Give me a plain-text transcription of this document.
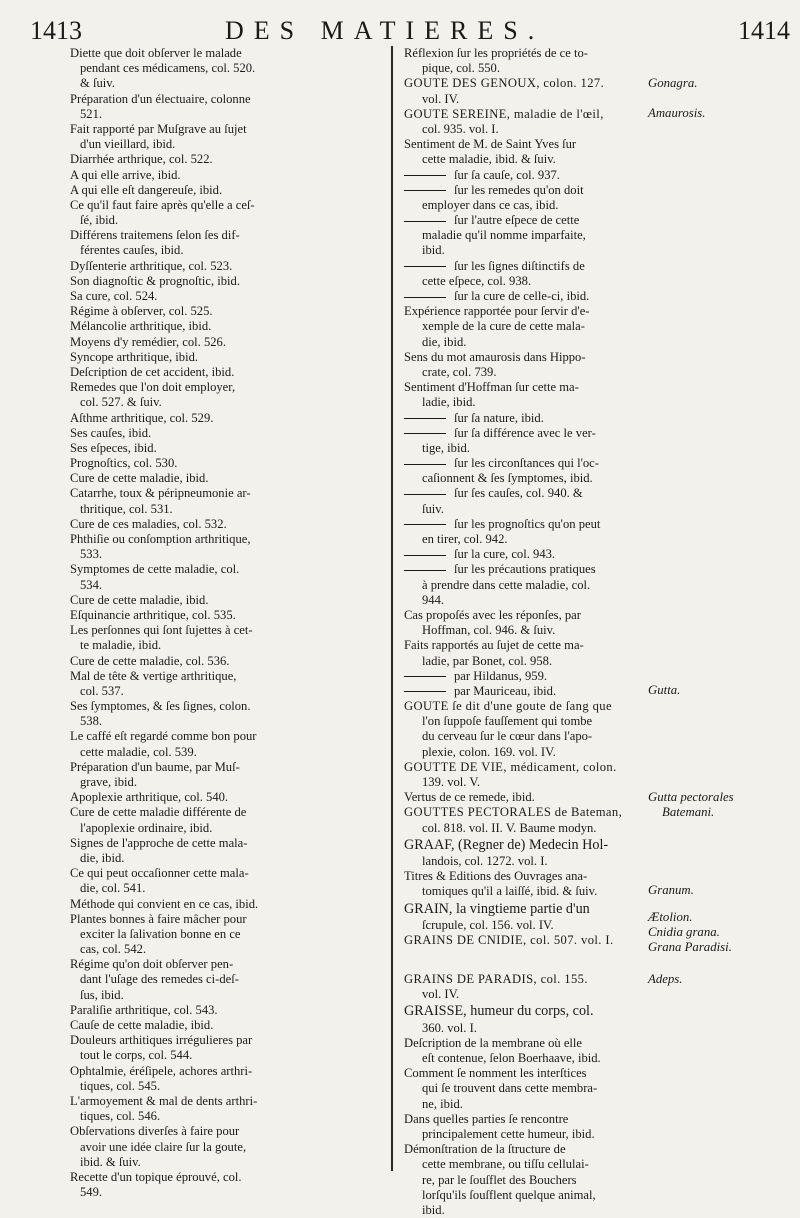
1413	DES MATIERES.	1414
Diette que doit obſerver le malade
pendant ces médicamens, col. 520.
& ſuiv.
Préparation d'un électuaire, colonne
521.
Fait rapporté par Muſgrave au ſujet
d'un vieillard, ibid.
Diarrhée arthrique, col. 522.
A qui elle arrive, ibid.
A qui elle eſt dangereuſe, ibid.
Ce qu'il faut faire après qu'elle a ceſ-
ſé, ibid.
Différens traitemens ſelon ſes dif-
férentes cauſes, ibid.
Dyſſenterie arthritique, col. 523.
Son diagnoſtic & prognoſtic, ibid.
Sa cure, col. 524.
Régime à obſerver, col. 525.
Mélancolie arthritique, ibid.
Moyens d'y remédier, col. 526.
Syncope arthritique, ibid.
Deſcription de cet accident, ibid.
Remedes que l'on doit employer,
col. 527. & ſuiv.
Aſthme arthritique, col. 529.
Ses cauſes, ibid.
Ses eſpeces, ibid.
Prognoſtics, col. 530.
Cure de cette maladie, ibid.
Catarrhe, toux & péripneumonie ar-
thritique, col. 531.
Cure de ces maladies, col. 532.
Phthiſie ou conſomption arthritique,
533.
Symptomes de cette maladie, col.
534.
Cure de cette maladie, ibid.
Eſquinancie arthritique, col. 535.
Les perſonnes qui ſont ſujettes à cet-
te maladie, ibid.
Cure de cette maladie, col. 536.
Mal de tête & vertige arthritique,
col. 537.
Ses ſymptomes, & ſes ſignes, colon.
538.
Le caffé eſt regardé comme bon pour
cette maladie, col. 539.
Préparation d'un baume, par Muſ-
grave, ibid.
Apoplexie arthritique, col. 540.
Cure de cette maladie différente de
l'apoplexie ordinaire, ibid.
Signes de l'approche de cette mala-
die, ibid.
Ce qui peut occaſionner cette mala-
die, col. 541.
Méthode qui convient en ce cas, ibid.
Plantes bonnes à faire mâcher pour
exciter la ſalivation bonne en ce
cas, col. 542.
Régime qu'on doit obſerver pen-
dant l'uſage des remedes ci-deſ-
ſus, ibid.
Paraliſie arthritique, col. 543.
Cauſe de cette maladie, ibid.
Douleurs arthitiques irrégulieres par
tout le corps, col. 544.
Ophtalmie, éréſipele, achores arthri-
tiques, col. 545.
L'armoyement & mal de dents arthri-
tiques, col. 546.
Obſervations diverſes à faire pour
avoir une idée claire ſur la goute,
ibid. & ſuiv.
Recette d'un topique éprouvé, col.
549.
Réflexion ſur les propriétés de ce to-
pique, col. 550.
GOUTE DES GENOUX, colon. 127.
vol. IV.
GOUTE SEREINE, maladie de l'œil,
col. 935. vol. I.
Sentiment de M. de Saint Yves ſur
cette maladie, ibid. & ſuiv.
ſur ſa cauſe, col. 937.
ſur les remedes qu'on doit
employer dans ce cas, ibid.
ſur l'autre eſpece de cette
maladie qu'il nomme imparfaite,
ibid.
ſur les ſignes diſtinctifs de
cette eſpece, col. 938.
ſur la cure de celle-ci, ibid.
Expérience rapportée pour ſervir d'e-
xemple de la cure de cette mala-
die, ibid.
Sens du mot amaurosis dans Hippo-
crate, col. 739.
Sentiment d'Hoffman ſur cette ma-
ladie, ibid.
ſur ſa nature, ibid.
ſur ſa différence avec le ver-
tige, ibid.
ſur les circonſtances qui l'oc-
caſionnent & ſes ſymptomes, ibid.
ſur ſes cauſes, col. 940. &
ſuiv.
ſur les prognoſtics qu'on peut
en tirer, col. 942.
ſur la cure, col. 943.
ſur les précautions pratiques
à prendre dans cette maladie, col.
944.
Cas propoſés avec les réponſes, par
Hoffman, col. 946. & ſuiv.
Faits rapportés au ſujet de cette ma-
ladie, par Bonet, col. 958.
par Hildanus, 959.
par Mauriceau, ibid.
GOUTE ſe dit d'une goute de ſang que
l'on ſuppoſe fauſſement qui tombe
du cerveau ſur le cœur dans l'apo-
plexie, colon. 169. vol. IV.
GOUTTE DE VIE, médicament, colon.
139. vol. V.
Vertus de ce remede, ibid.
GOUTTES PECTORALES de Bateman,
col. 818. vol. II. V. Baume modyn.
GRAAF, (Regner de) Medecin Hol-
landois, col. 1272. vol. I.
Titres & Editions des Ouvrages ana-
tomiques qu'il a laiſſé, ibid. & ſuiv.
GRAIN, la vingtieme partie d'un
ſcrupule, col. 156. vol. IV.
GRAINS DE CNIDIE, col. 507. vol. I.
GRAINS DE PARADIS, col. 155.
vol. IV.
GRAISSE, humeur du corps, col.
360. vol. I.
Deſcription de la membrane où elle
eſt contenue, ſelon Boerhaave, ibid.
Comment ſe nomment les interſtices
qui ſe trouvent dans cette membra-
ne, ibid.
Dans quelles parties ſe rencontre
principalement cette humeur, ibid.
Démonſtration de la ſtructure de
cette membrane, ou tiſſu cellulai-
re, par le ſouſflet des Bouchers
lorſqu'ils ſouſflent quelque animal,
ibid.
Gonagra.
Amaurosis.
Gutta.
Gutta pectorales
Batemani.
Granum.
Ætolion.
Cnidia grana.
Grana Paradisi.
Adeps.
